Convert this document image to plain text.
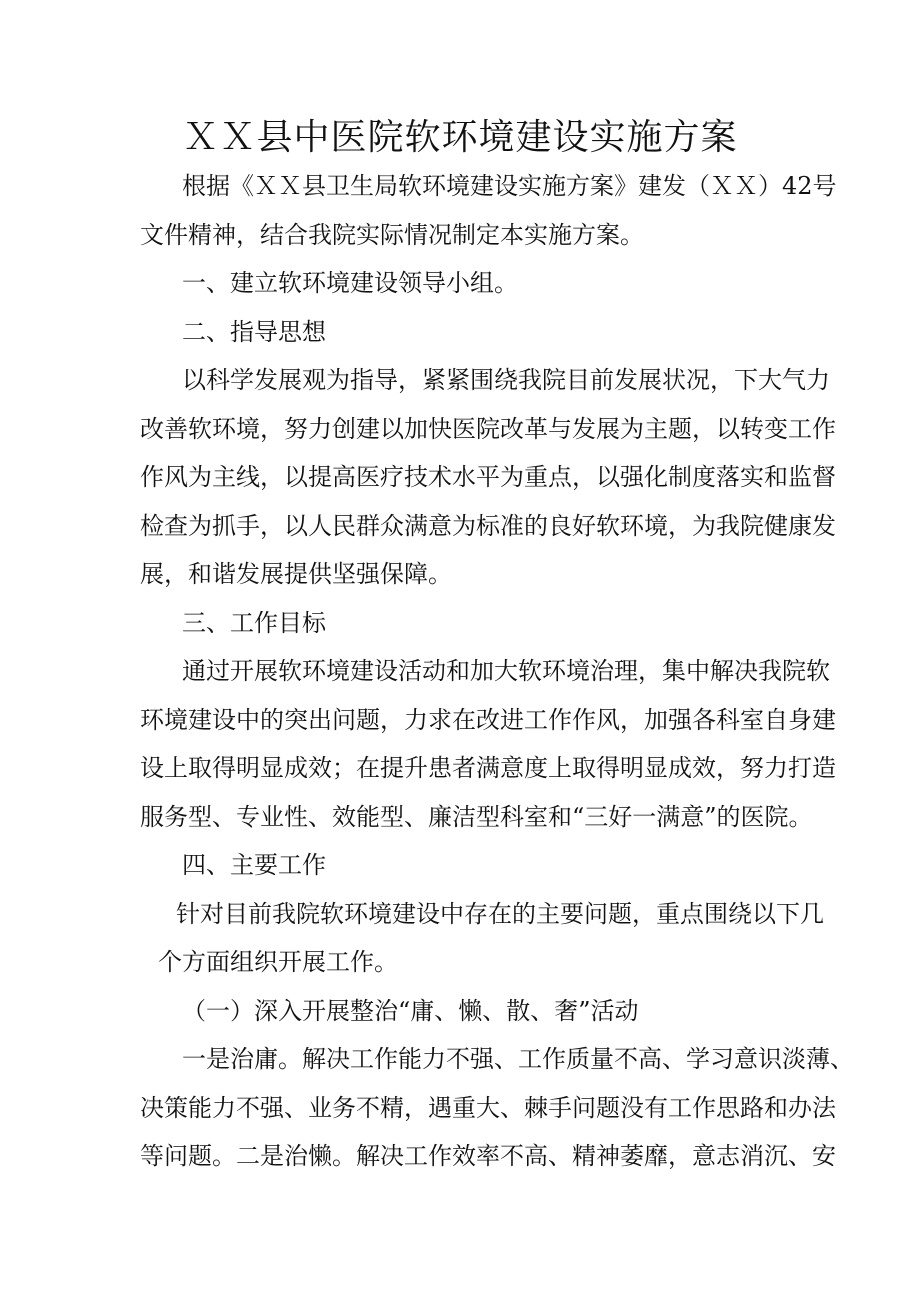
ＸＸ县中医院软环境建设实施方案
根据《ＸＸ县卫生局软环境建设实施方案》建发（ＸＸ）42号
文件精神，结合我院实际情况制定本实施方案。
一、建立软环境建设领导小组。
二、指导思想
以科学发展观为指导，紧紧围绕我院目前发展状况，下大气力
改善软环境，努力创建以加快医院改革与发展为主题，以转变工作
作风为主线，以提高医疗技术水平为重点，以强化制度落实和监督
检查为抓手，以人民群众满意为标准的良好软环境，为我院健康发
展，和谐发展提供坚强保障。
三、工作目标
通过开展软环境建设活动和加大软环境治理，集中解决我院软
环境建设中的突出问题，力求在改进工作作风，加强各科室自身建
设上取得明显成效；在提升患者满意度上取得明显成效，努力打造
服务型、专业性、效能型、廉洁型科室和“三好一满意”的医院。
四、主要工作
针对目前我院软环境建设中存在的主要问题，重点围绕以下几
个方面组织开展工作。
（一）深入开展整治“庸、懒、散、奢”活动
一是治庸。解决工作能力不强、工作质量不高、学习意识淡薄、
决策能力不强、业务不精，遇重大、棘手问题没有工作思路和办法
等问题。二是治懒。解决工作效率不高、精神萎靡，意志消沉、安
